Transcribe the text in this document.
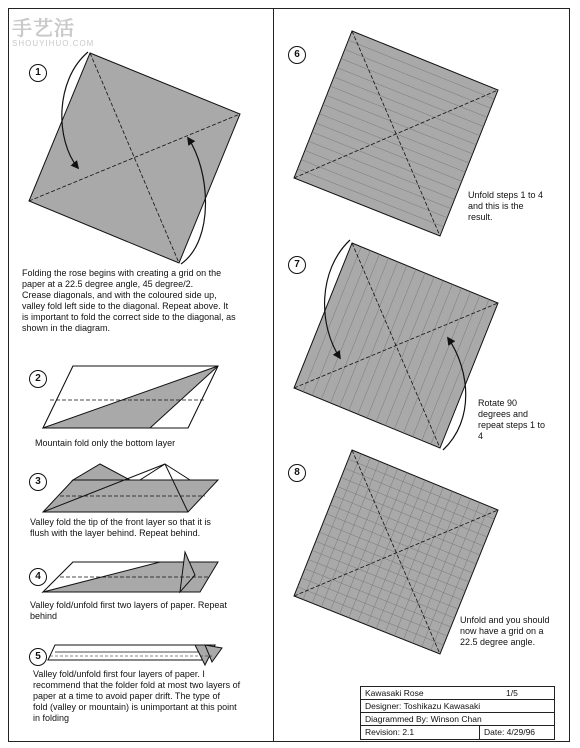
手艺活
SHOUYIHUO.COM
1
2
3
4
5
6
7
8
Folding the rose begins with creating a grid on the
paper at a 22.5 degree angle, 45 degree/2.
Crease diagonals, and with the coloured side up,
valley fold left side to the diagonal. Repeat above. It
is important to fold the correct side to the diagonal, as
shown in the diagram.
Mountain fold only the bottom layer
Valley fold the tip of the front layer so that it is
flush with the layer behind. Repeat behind.
Valley fold/unfold first two layers of paper. Repeat
behind
Valley fold/unfold first four layers of paper. I
recommend that the folder fold at most two layers of
paper at a time to avoid paper drift. The type of
fold (valley or mountain) is unimportant at this point
in folding
Unfold steps 1 to 4
and this is the
result.
Rotate 90
degrees and
repeat steps 1 to
4
Unfold and you should
now have a grid on a
22.5 degree angle.
Kawasaki Rose	1/5
Designer: Toshikazu Kawasaki
Diagrammed By: Winson Chan
Revision: 2.1	Date: 4/29/96
